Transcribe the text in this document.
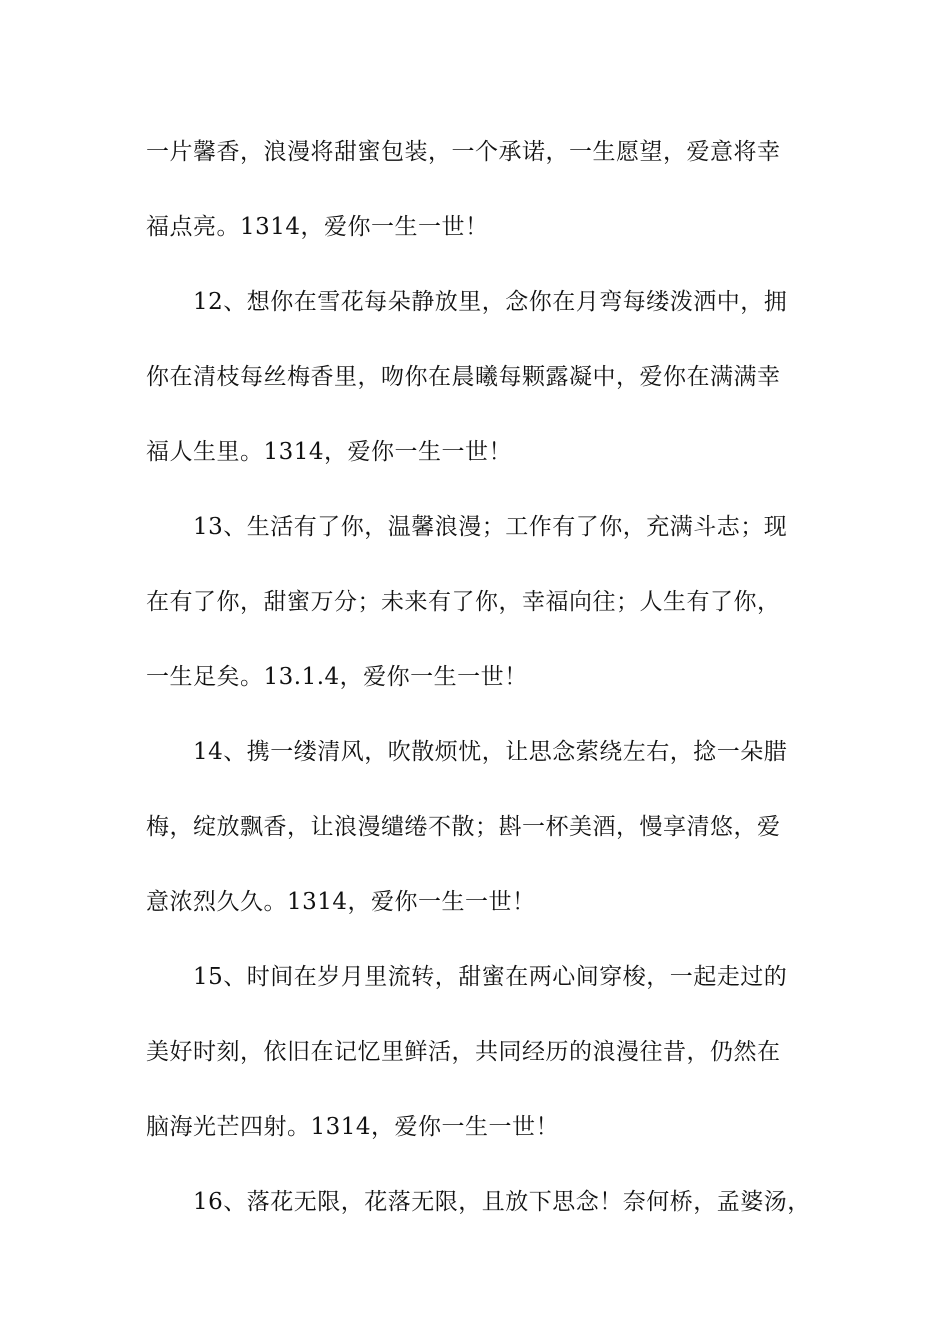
一片馨香，浪漫将甜蜜包装，一个承诺，一生愿望，爱意将幸
福点亮。1314，爱你一生一世！
12、想你在雪花每朵静放里，念你在月弯每缕泼洒中，拥
你在清枝每丝梅香里，吻你在晨曦每颗露凝中，爱你在满满幸
福人生里。1314，爱你一生一世！
13、生活有了你，温馨浪漫；工作有了你，充满斗志；现
在有了你，甜蜜万分；未来有了你，幸福向往；人生有了你，
一生足矣。13.1.4，爱你一生一世！
14、携一缕清风，吹散烦忧，让思念萦绕左右，捻一朵腊
梅，绽放飘香，让浪漫缱绻不散；斟一杯美酒，慢享清悠，爱
意浓烈久久。1314，爱你一生一世！
15、时间在岁月里流转，甜蜜在两心间穿梭，一起走过的
美好时刻，依旧在记忆里鲜活，共同经历的浪漫往昔，仍然在
脑海光芒四射。1314，爱你一生一世！
16、落花无限，花落无限，且放下思念！奈何桥，孟婆汤，
